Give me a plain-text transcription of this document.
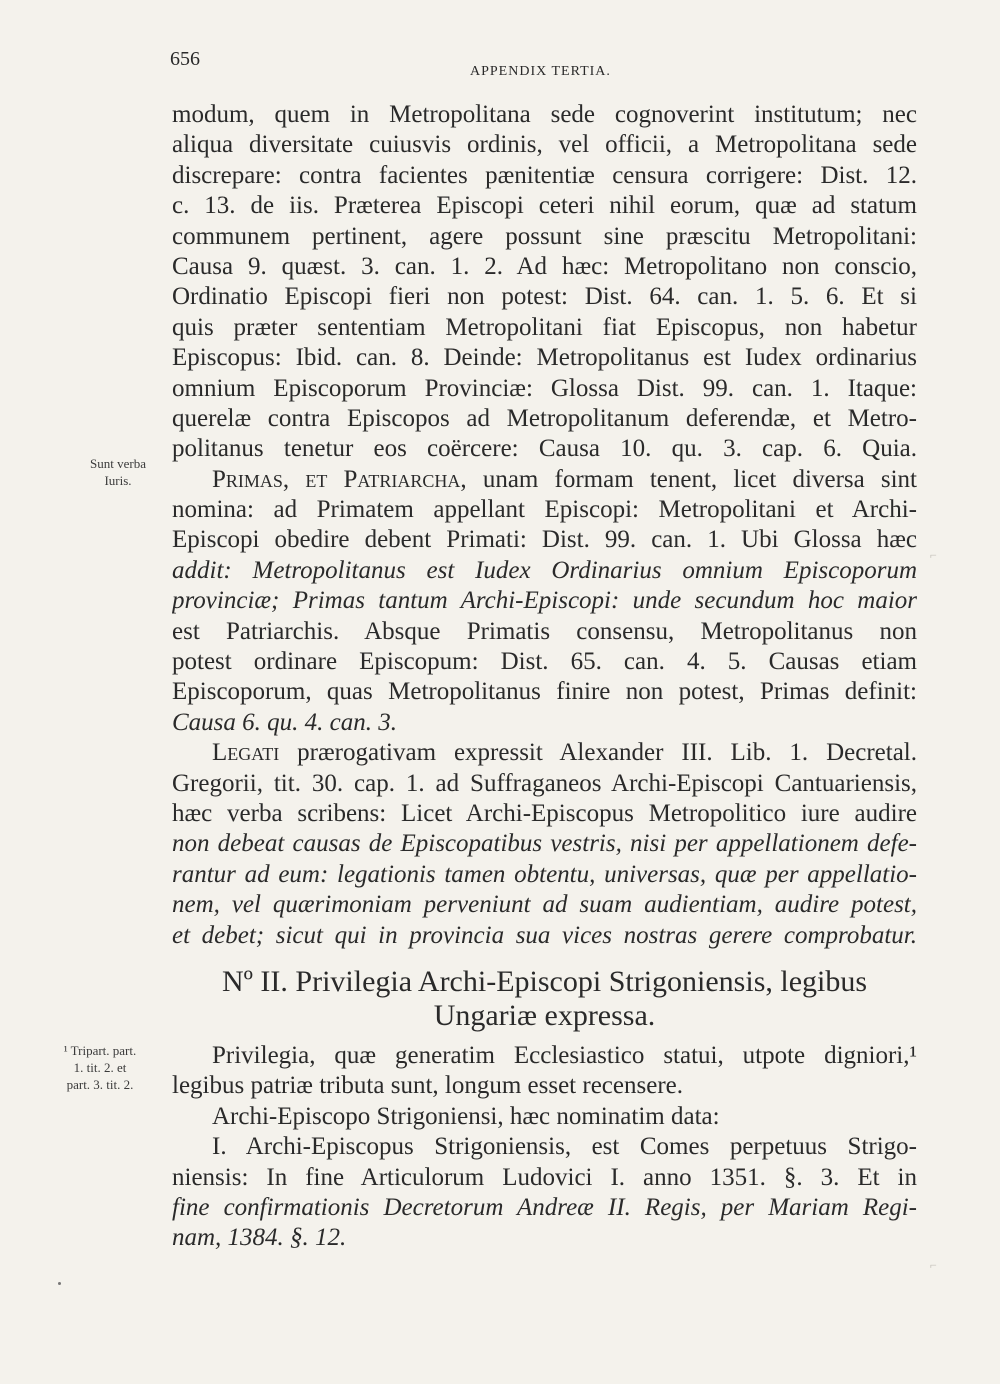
656
APPENDIX TERTIA.
⌐
⌐
Sunt verba
Iuris.
¹ Tripart. part.
1. tit. 2. et
part. 3. tit. 2.
modum, quem in Metropolitana sede cognoverint institutum; nec
aliqua diversitate cuiusvis ordinis, vel officii, a Metropolitana sede
discrepare: contra facientes pænitentiæ censura corrigere: Dist. 12.
c. 13. de iis. Præterea Episcopi ceteri nihil eorum, quæ ad statum
communem pertinent, agere possunt sine præscitu Metropolitani:
Causa 9. quæst. 3. can. 1. 2. Ad hæc: Metropolitano non conscio,
Ordinatio Episcopi fieri non potest: Dist. 64. can. 1. 5. 6. Et si
quis præter sententiam Metropolitani fiat Episcopus, non habetur
Episcopus: Ibid. can. 8. Deinde: Metropolitanus est Iudex ordinarius
omnium Episcoporum Provinciæ: Glossa Dist. 99. can. 1. Itaque:
querelæ contra Episcopos ad Metropolitanum deferendæ, et Metro-
politanus tenetur eos coërcere: Causa 10. qu. 3. cap. 6. Quia.
Primas, et Patriarcha, unam formam tenent, licet diversa sint
nomina: ad Primatem appellant Episcopi: Metropolitani et Archi-
Episcopi obedire debent Primati: Dist. 99. can. 1. Ubi Glossa hæc
addit: Metropolitanus est Iudex Ordinarius omnium Episcoporum
provinciæ; Primas tantum Archi-Episcopi: unde secundum hoc maior
est Patriarchis. Absque Primatis consensu, Metropolitanus non
potest ordinare Episcopum: Dist. 65. can. 4. 5. Causas etiam
Episcoporum, quas Metropolitanus finire non potest, Primas definit:
Causa 6. qu. 4. can. 3.
Legati prærogativam expressit Alexander III. Lib. 1. Decretal.
Gregorii, tit. 30. cap. 1. ad Suffraganeos Archi-Episcopi Cantuariensis,
hæc verba scribens: Licet Archi-Episcopus Metropolitico iure audire
non debeat causas de Episcopatibus vestris, nisi per appellationem defe-
rantur ad eum: legationis tamen obtentu, universas, quæ per appellatio-
nem, vel quærimoniam perveniunt ad suam audientiam, audire potest,
et debet; sicut qui in provincia sua vices nostras gerere comprobatur.
Nº II. Privilegia Archi-Episcopi Strigoniensis, legibus
Ungariæ expressa.
Privilegia, quæ generatim Ecclesiastico statui, utpote digniori,¹
legibus patriæ tributa sunt, longum esset recensere.
Archi-Episcopo Strigoniensi, hæc nominatim data:
I. Archi-Episcopus Strigoniensis, est Comes perpetuus Strigo-
niensis: In fine Articulorum Ludovici I. anno 1351. §. 3. Et in
fine confirmationis Decretorum Andreæ II. Regis, per Mariam Regi-
nam, 1384. §. 12.
